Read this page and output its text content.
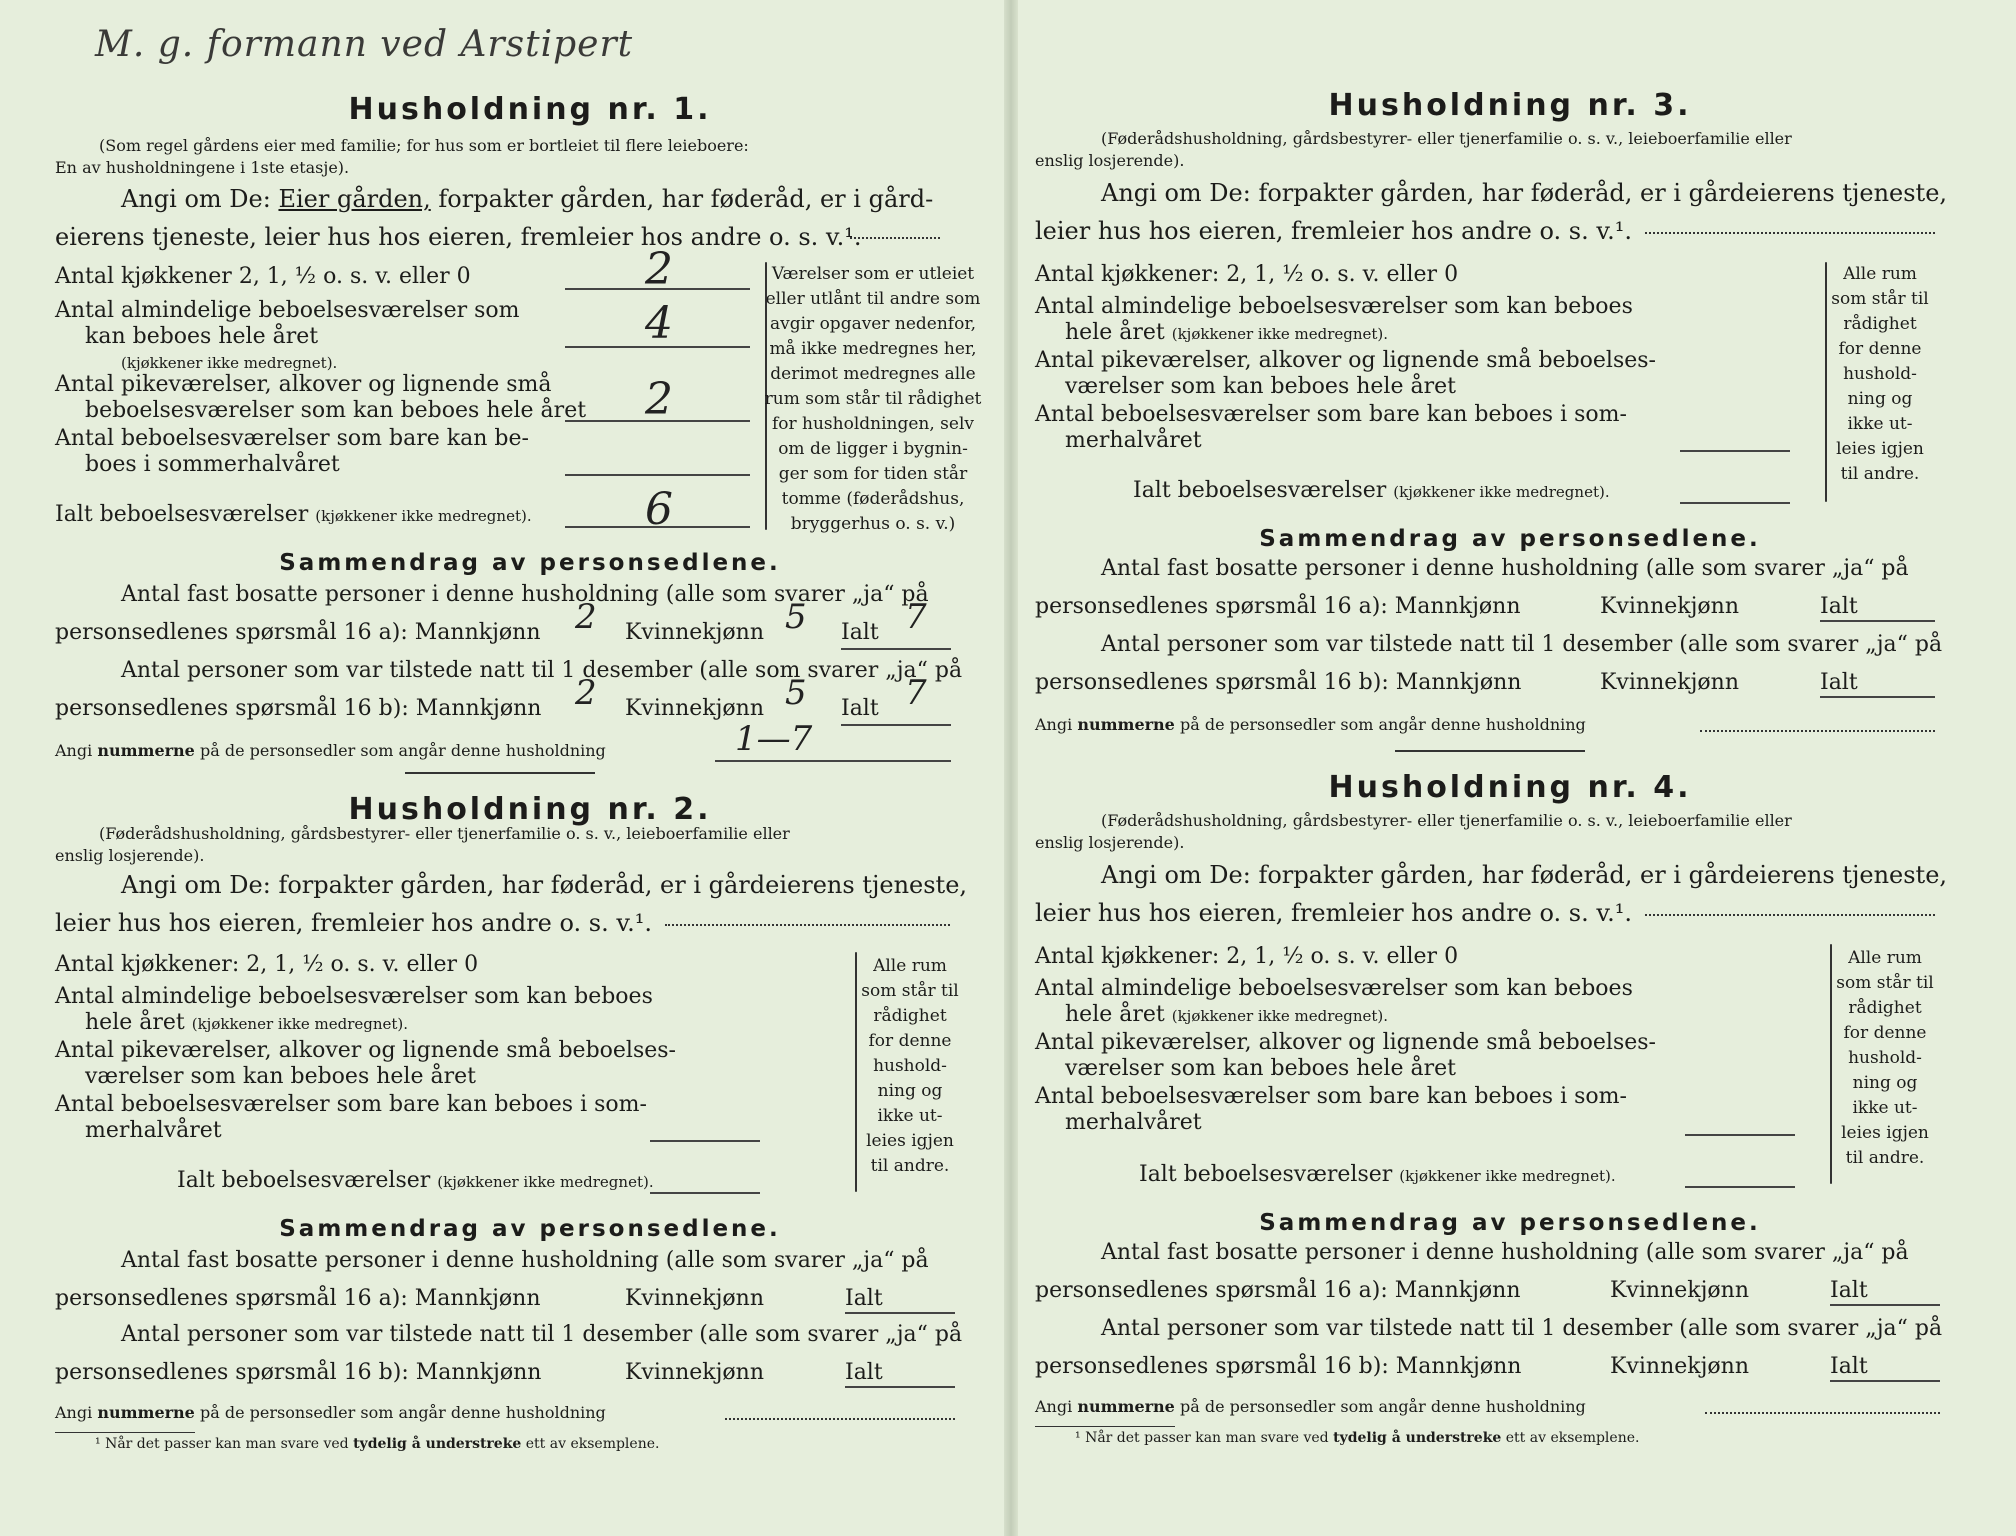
M. g. formann ved Arstipert
Husholdning nr. 1.
(Som regel gårdens eier med familie; for hus som er bortleiet til flere leieboere:
En av husholdningene i 1ste etasje).
Angi om De: Eier gården, forpakter gården, har føderåd, er i gård-
eierens tjeneste, leier hus hos eieren, fremleier hos andre o. s. v.¹.
Antal kjøkkener 2, 1, ½ o. s. v. eller 0	2
Antal almindelige beboelsesværelser som
kan beboes hele året
(kjøkkener ikke medregnet).
4
Antal pikeværelser, alkover og lignende små
beboelsesværelser som kan beboes hele året 2
Antal beboelsesværelser som bare kan be-
boes i sommerhalvåret
Ialt beboelsesværelser (kjøkkener ikke medregnet).	6
Værelser som er utleiet
eller utlånt til andre som
avgir opgaver nedenfor,
må ikke medregnes her,
derimot medregnes alle
rum som står til rådighet
for husholdningen, selv
om de ligger i bygnin-
ger som for tiden står
tomme (føderådshus,
bryggerhus o. s. v.)
Sammendrag av personsedlene.
Antal fast bosatte personer i denne husholdning (alle som svarer „ja“ på
personsedlenes spørsmål 16 a): Mannkjønn 2 Kvinnekjønn 5 Ialt 7
Antal personer som var tilstede natt til 1 desember (alle som svarer „ja“ på
personsedlenes spørsmål 16 b): Mannkjønn 2 Kvinnekjønn 5 Ialt 7
Angi nummerne på de personsedler som angår denne husholdning	1—7
Husholdning nr. 2.
(Føderådshusholdning, gårdsbestyrer- eller tjenerfamilie o. s. v., leieboerfamilie eller
enslig losjerende).
Angi om De: forpakter gården, har føderåd, er i gårdeierens tjeneste,
leier hus hos eieren, fremleier hos andre o. s. v.¹.
Antal kjøkkener: 2, 1, ½ o. s. v. eller 0
Antal almindelige beboelsesværelser som kan beboes
hele året (kjøkkener ikke medregnet).
Antal pikeværelser, alkover og lignende små beboelses-
værelser som kan beboes hele året
Antal beboelsesværelser som bare kan beboes i som-
merhalvåret
Ialt beboelsesværelser (kjøkkener ikke medregnet).
Alle rum
som står til
rådighet
for denne
hushold-
ning og
ikke ut-
leies igjen
til andre.
Sammendrag av personsedlene.
Antal fast bosatte personer i denne husholdning (alle som svarer „ja“ på
personsedlenes spørsmål 16 a): Mannkjønn	Kvinnekjønn	Ialt
Antal personer som var tilstede natt til 1 desember (alle som svarer „ja“ på
personsedlenes spørsmål 16 b): Mannkjønn	Kvinnekjønn	Ialt
Angi nummerne på de personsedler som angår denne husholdning
¹ Når det passer kan man svare ved tydelig å understreke ett av eksemplene.
Husholdning nr. 3.
(Føderådshusholdning, gårdsbestyrer- eller tjenerfamilie o. s. v., leieboerfamilie eller
enslig losjerende).
Angi om De: forpakter gården, har føderåd, er i gårdeierens tjeneste,
leier hus hos eieren, fremleier hos andre o. s. v.¹.
Antal kjøkkener: 2, 1, ½ o. s. v. eller 0
Antal almindelige beboelsesværelser som kan beboes
hele året (kjøkkener ikke medregnet).
Antal pikeværelser, alkover og lignende små beboelses-
værelser som kan beboes hele året
Antal beboelsesværelser som bare kan beboes i som-
merhalvåret
Ialt beboelsesværelser (kjøkkener ikke medregnet).
Alle rum
som står til
rådighet
for denne
hushold-
ning og
ikke ut-
leies igjen
til andre.
Sammendrag av personsedlene.
Antal fast bosatte personer i denne husholdning (alle som svarer „ja“ på
personsedlenes spørsmål 16 a): Mannkjønn	Kvinnekjønn	Ialt
Antal personer som var tilstede natt til 1 desember (alle som svarer „ja“ på
personsedlenes spørsmål 16 b): Mannkjønn	Kvinnekjønn	Ialt
Angi nummerne på de personsedler som angår denne husholdning
Husholdning nr. 4.
(Føderådshusholdning, gårdsbestyrer- eller tjenerfamilie o. s. v., leieboerfamilie eller
enslig losjerende).
Angi om De: forpakter gården, har føderåd, er i gårdeierens tjeneste,
leier hus hos eieren, fremleier hos andre o. s. v.¹.
Antal kjøkkener: 2, 1, ½ o. s. v. eller 0
Antal almindelige beboelsesværelser som kan beboes
hele året (kjøkkener ikke medregnet).
Antal pikeværelser, alkover og lignende små beboelses-
værelser som kan beboes hele året
Antal beboelsesværelser som bare kan beboes i som-
merhalvåret
Ialt beboelsesværelser (kjøkkener ikke medregnet).
Alle rum
som står til
rådighet
for denne
hushold-
ning og
ikke ut-
leies igjen
til andre.
Sammendrag av personsedlene.
Antal fast bosatte personer i denne husholdning (alle som svarer „ja“ på
personsedlenes spørsmål 16 a): Mannkjønn	Kvinnekjønn	Ialt
Antal personer som var tilstede natt til 1 desember (alle som svarer „ja“ på
personsedlenes spørsmål 16 b): Mannkjønn	Kvinnekjønn	Ialt
Angi nummerne på de personsedler som angår denne husholdning
¹ Når det passer kan man svare ved tydelig å understreke ett av eksemplene.
